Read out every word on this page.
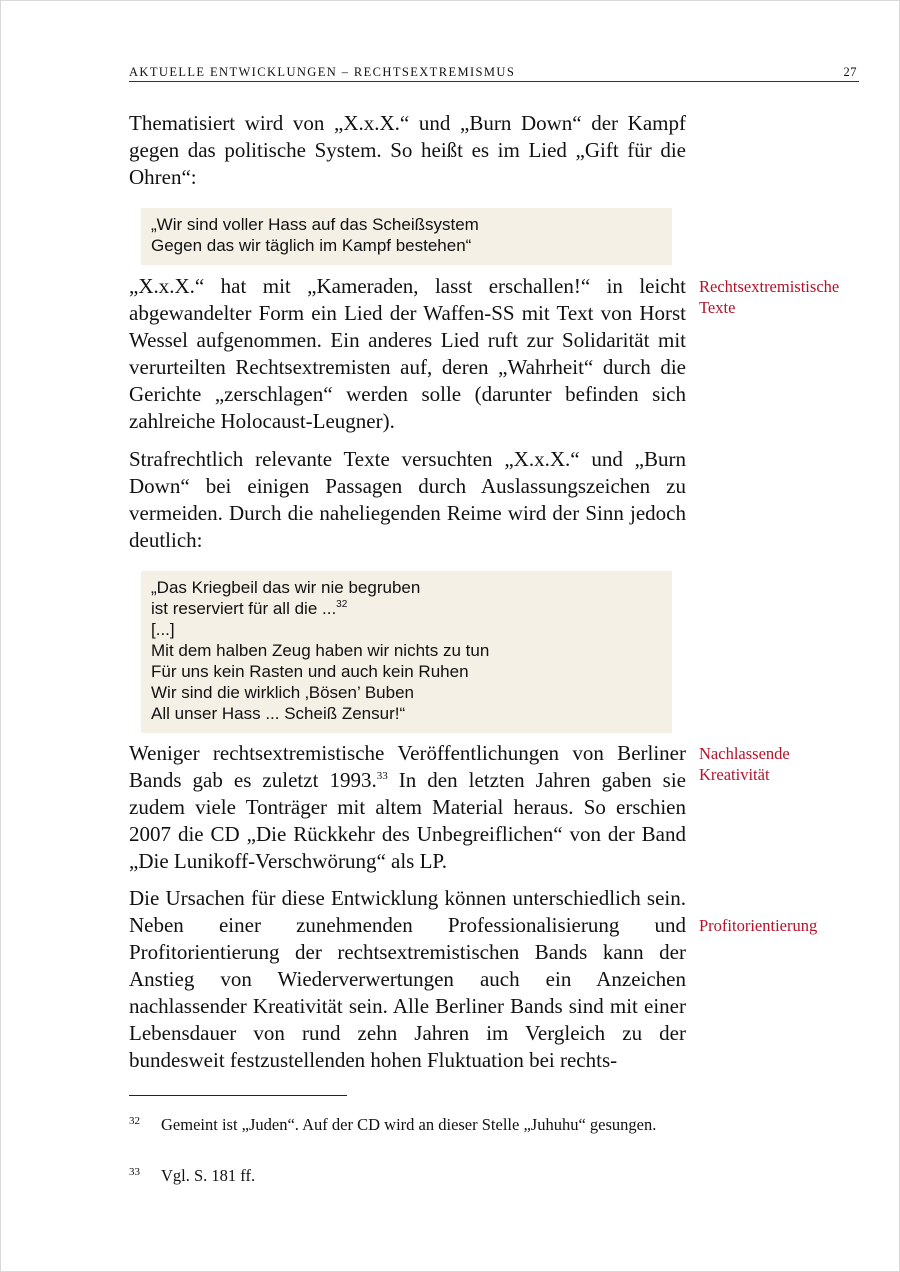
AKTUELLE ENTWICKLUNGEN – RECHTSEXTREMISMUS	27

Thematisiert wird von „X.x.X.“ und „Burn Down“ der Kampf gegen das politische System. So heißt es im Lied „Gift für die Ohren“:

„Wir sind voller Hass auf das Scheißsystem
Gegen das wir täglich im Kampf bestehen“

„X.x.X.“ hat mit „Kameraden, lasst erschallen!“ in leicht abgewandelter Form ein Lied der Waffen-SS mit Text von Horst Wessel aufgenommen. Ein anderes Lied ruft zur Solidarität mit verurteilten Rechtsextremisten auf, deren „Wahrheit“ durch die Gerichte „zerschlagen“ werden solle (darunter befinden sich zahlreiche Holocaust-Leugner).

Rechtsextremistische
Texte

Strafrechtlich relevante Texte versuchten „X.x.X.“ und „Burn Down“ bei einigen Passagen durch Auslassungszeichen zu vermeiden. Durch die naheliegenden Reime wird der Sinn jedoch deutlich:

„Das Kriegbeil das wir nie begruben
ist reserviert für all die ...$^{32}$
[...]
Mit dem halben Zeug haben wir nichts zu tun
Für uns kein Rasten und auch kein Ruhen
Wir sind die wirklich ‚Bösen’ Buben
All unser Hass ... Scheiß Zensur!“

Weniger rechtsextremistische Veröffentlichungen von Berliner Bands gab es zuletzt 1993.33 In den letzten Jahren gaben sie zudem viele Tonträger mit altem Material heraus. So erschien 2007 die CD „Die Rückkehr des Unbegreiflichen“ von der Band „Die Lunikoff-Verschwörung“ als LP.

Nachlassende
Kreativität

Die Ursachen für diese Entwicklung können unterschiedlich sein. Neben einer zunehmenden Professionalisierung und Profitorientierung der rechtsextremistischen Bands kann der Anstieg von Wiederverwertungen auch ein Anzeichen nachlassender Kreativität sein. Alle Berliner Bands sind mit einer Lebensdauer von rund zehn Jahren im Vergleich zu der bundesweit festzustellenden hohen Fluktuation bei rechts-

Profitorientierung
32 Gemeint ist „Juden“. Auf der CD wird an dieser Stelle „Juhuhu“ gesungen.
33 Vgl. S. 181 ff.
